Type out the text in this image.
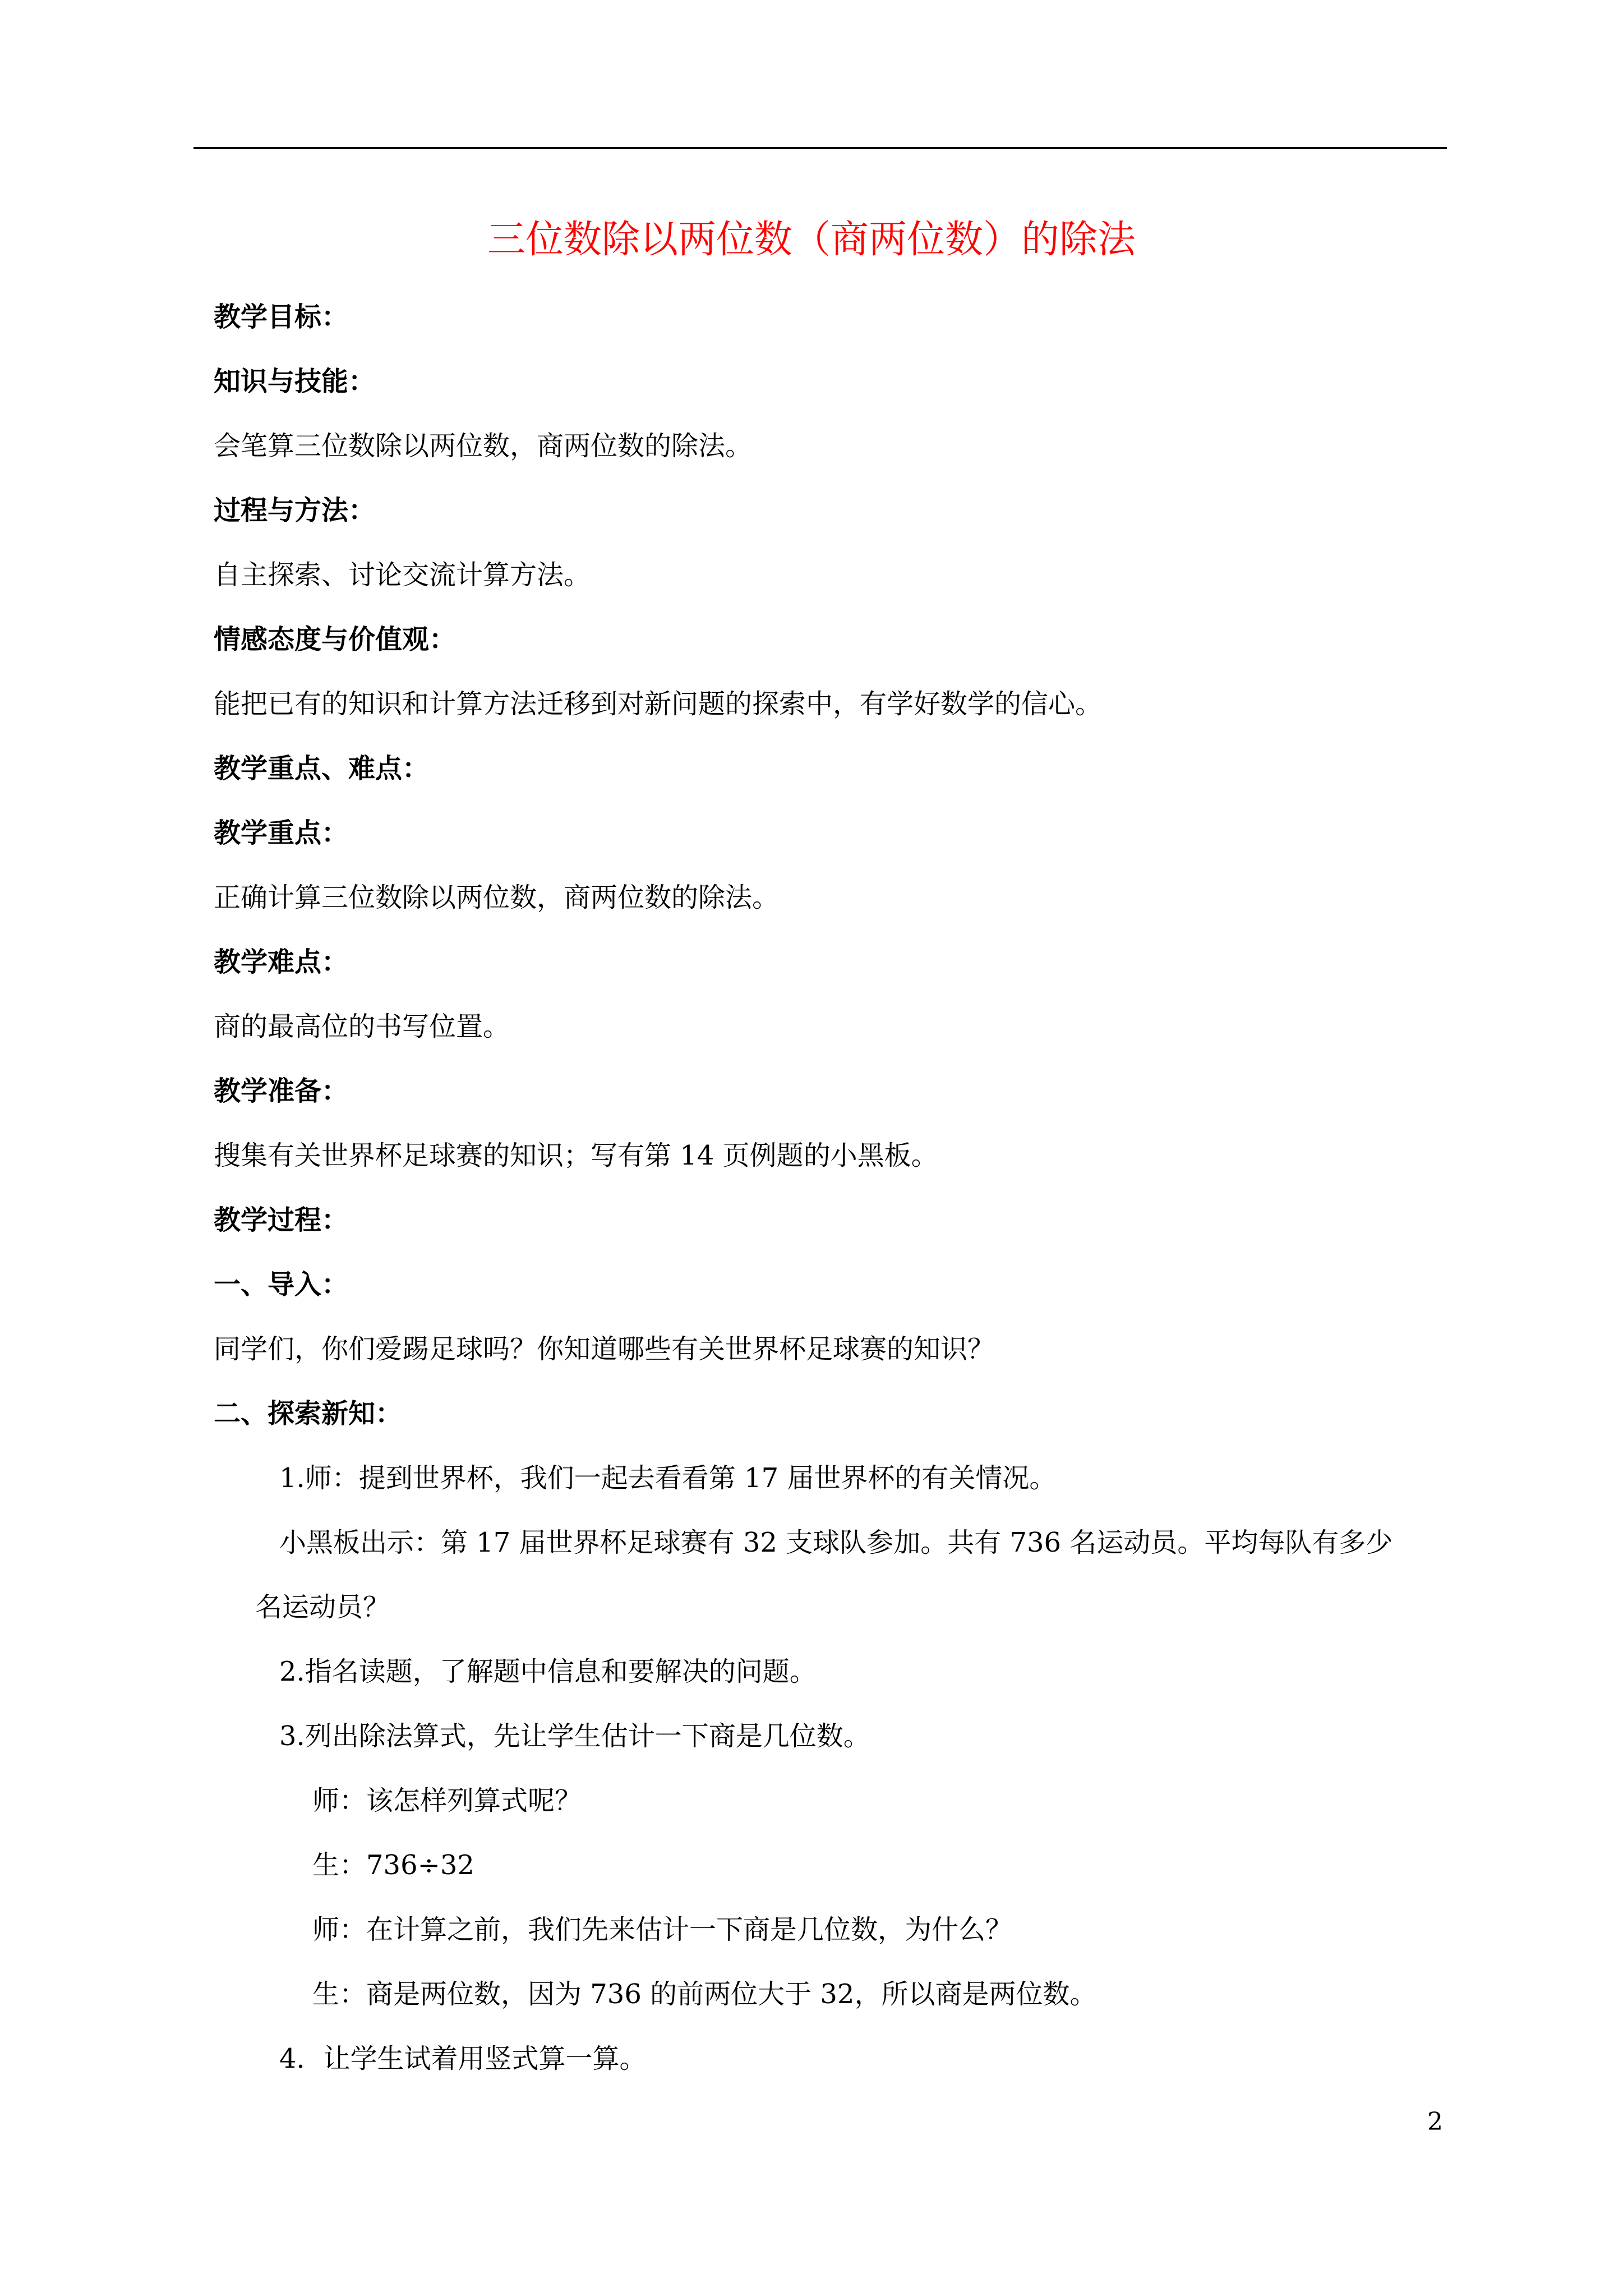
三位数除以两位数（商两位数）的除法
教学目标：
知识与技能：
会笔算三位数除以两位数，商两位数的除法。
过程与方法：
自主探索、讨论交流计算方法。
情感态度与价值观：
能把已有的知识和计算方法迁移到对新问题的探索中，有学好数学的信心。
教学重点、难点：
教学重点：
正确计算三位数除以两位数，商两位数的除法。
教学难点：
商的最高位的书写位置。
教学准备：
搜集有关世界杯足球赛的知识；写有第 14 页例题的小黑板。
教学过程：
一、导入：
同学们，你们爱踢足球吗？你知道哪些有关世界杯足球赛的知识？
二、探索新知：
1.师：提到世界杯，我们一起去看看第 17 届世界杯的有关情况。
小黑板出示：第 17 届世界杯足球赛有 32 支球队参加。共有 736 名运动员。平均每队有多少
名运动员？
2.指名读题，了解题中信息和要解决的问题。
3.列出除法算式，先让学生估计一下商是几位数。
师：该怎样列算式呢？
生：736÷32
师：在计算之前，我们先来估计一下商是几位数，为什么？
生：商是两位数，因为 736 的前两位大于 32，所以商是两位数。
4．让学生试着用竖式算一算。
2
